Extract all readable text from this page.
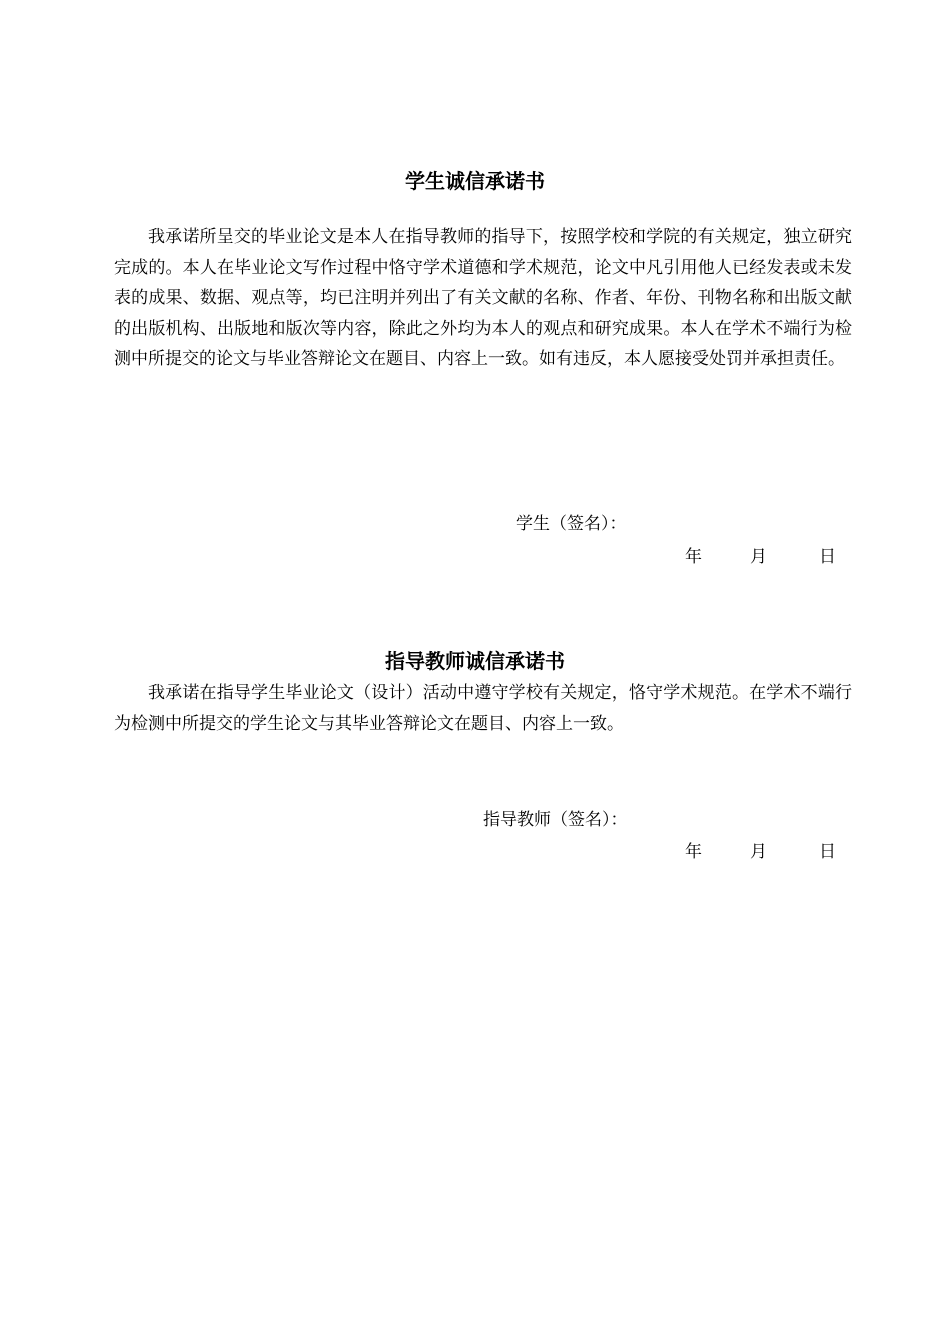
学生诚信承诺书

我承诺所呈交的毕业论文是本人在指导教师的指导下，按照学校和学院的有关规定，独立研究完成的。本人在毕业论文写作过程中恪守学术道德和学术规范，论文中凡引用他人已经发表或未发表的成果、数据、观点等，均已注明并列出了有关文献的名称、作者、年份、刊物名称和出版文献的出版机构、出版地和版次等内容，除此之外均为本人的观点和研究成果。本人在学术不端行为检测中所提交的论文与毕业答辩论文在题目、内容上一致。如有违反，本人愿接受处罚并承担责任。

学生（签名）：
年	月	日
指导教师诚信承诺书

我承诺在指导学生毕业论文（设计）活动中遵守学校有关规定，恪守学术规范。在学术不端行为检测中所提交的学生论文与其毕业答辩论文在题目、内容上一致。

指导教师（签名）：
年	月	日
